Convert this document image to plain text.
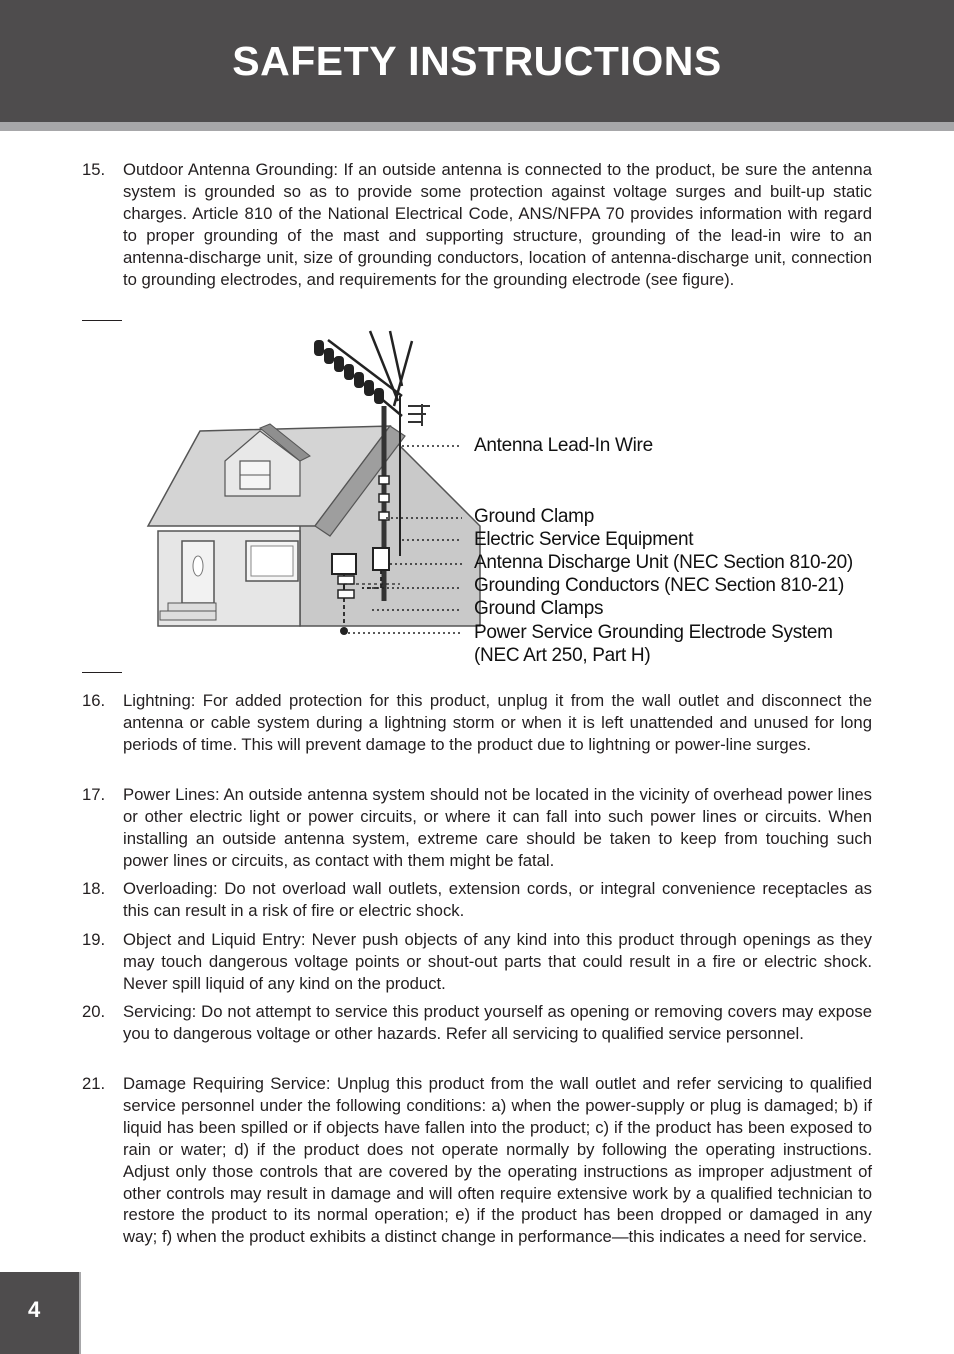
SAFETY INSTRUCTIONS
15.	Outdoor Antenna Grounding: If an outside antenna is connected to the product, be sure the antenna system is grounded so as to provide some protection against voltage surges and built-up static charges. Article 810 of the National Electrical Code, ANS/NFPA 70 provides information with regard to proper grounding of the mast and supporting structure, grounding of the lead-in wire to an antenna-discharge unit, size of grounding conductors, location of antenna-discharge unit, connection to grounding electrodes, and requirements for the grounding electrode (see figure).
Antenna Lead-In Wire
Ground Clamp
Electric Service Equipment
Antenna Discharge Unit (NEC Section 810-20)
Grounding Conductors (NEC Section 810-21)
Ground Clamps
Power Service Grounding Electrode System
(NEC Art 250, Part H)
16.	Lightning: For added protection for this product, unplug it from the wall outlet and disconnect the antenna or cable system during a lightning storm or when it is left unattended and unused for long periods of time. This will prevent damage to the product due to lightning or power-line surges.
17.	Power Lines: An outside antenna system should not be located in the vicinity of overhead power lines or other electric light or power circuits, or where it can fall into such power lines or circuits. When installing an outside antenna system, extreme care should be taken to keep from touching such power lines or circuits, as contact with them might be fatal.
18.	Overloading: Do not overload wall outlets, extension cords, or integral convenience receptacles as this can result in a risk of fire or electric shock.
19.	Object and Liquid Entry: Never push objects of any kind into this product through openings as they may touch dangerous voltage points or shout-out parts that could result in a fire or electric shock. Never spill liquid of any kind on the product.
20.	Servicing: Do not attempt to service this product yourself as opening or removing covers may expose you to dangerous voltage or other hazards. Refer all servicing to qualified service personnel.
21.	Damage Requiring Service: Unplug this product from the wall outlet and refer servicing to qualified service personnel under the following conditions: a) when the power-supply or plug is damaged; b) if liquid has been spilled or if objects have fallen into the product; c) if the product has been exposed to rain or water; d) if the product does not operate normally by following the operating instructions. Adjust only those controls that are covered by the operating instructions as improper adjustment of other controls may result in damage and will often require extensive work by a qualified technician to restore the product to its normal operation; e) if the product has been dropped or damaged in any way; f) when the product exhibits a distinct change in performance—this indicates a need for service.
4
